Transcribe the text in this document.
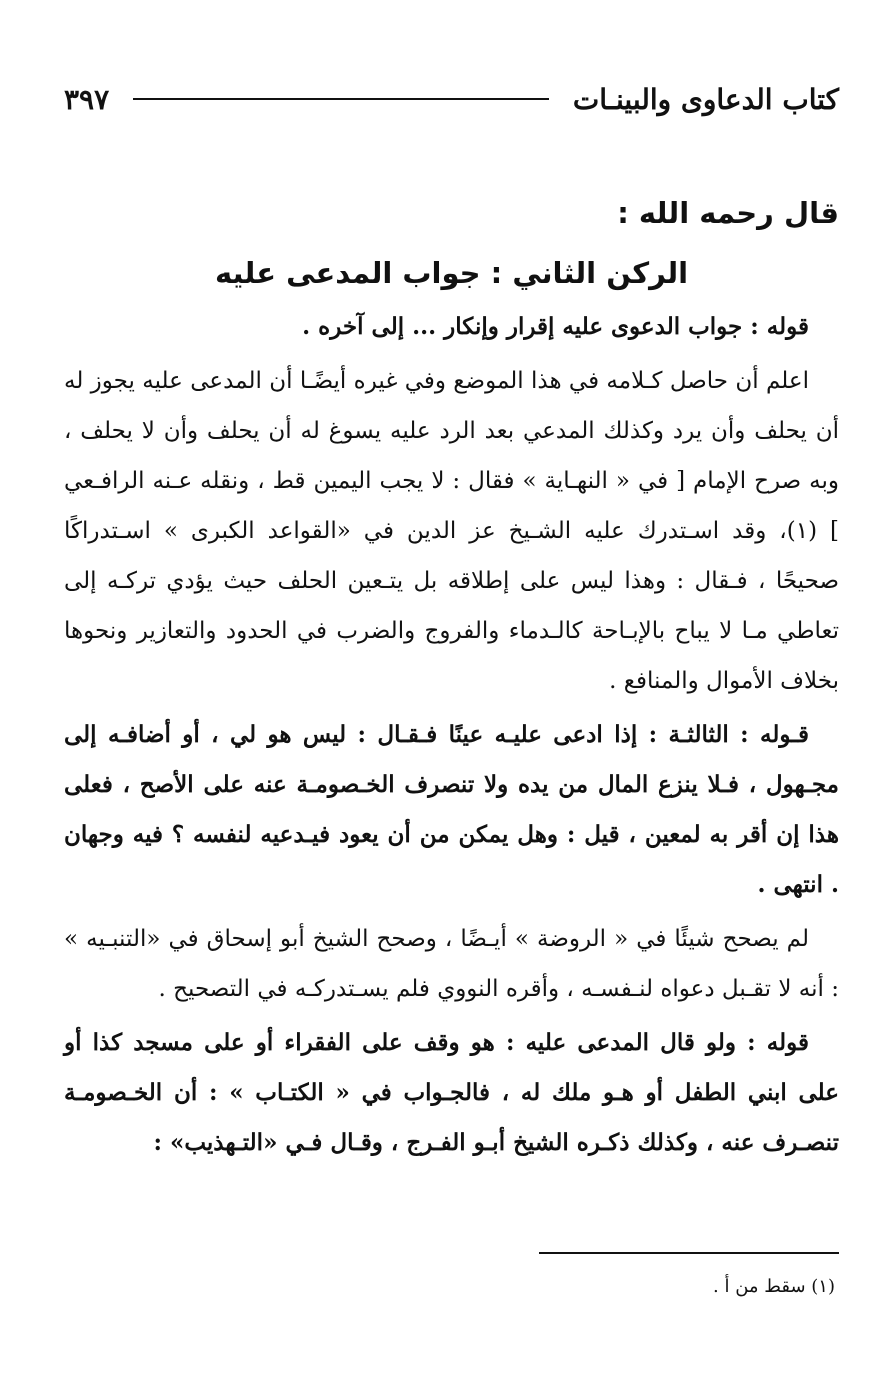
كتاب الدعاوى والبينـات
٣٩٧
قال رحمه الله :
الركن الثاني : جواب المدعى عليه

قوله : جواب الدعوى عليه إقرار وإنكار ... إلى آخره .

اعلم أن حاصل كـلامه في هذا الموضع وفي غيره أيضًـا أن المدعى عليه يجوز له أن يحلف وأن يرد وكذلك المدعي بعد الرد عليه يسوغ له أن يحلف وأن لا يحلف ، وبه صرح الإمام [ في « النهـاية » فقال : لا يجب اليمين قط ، ونقله عـنه الرافـعي ] (١)، وقد اسـتدرك عليه الشـيخ عز الدين في «القواعد الكبرى » اسـتدراكًا صحيحًا ، فـقال : وهذا ليس على إطلاقه بل يتـعين الحلف حيث يؤدي تركـه إلى تعاطي مـا لا يباح بالإبـاحة كالـدماء والفروج والضرب في الحدود والتعازير ونحوها بخلاف الأموال والمنافع .

قـوله : الثالثـة : إذا ادعى عليـه عينًا فـقـال : ليس هو لي ، أو أضافـه إلى مجـهول ، فـلا ينزع المال من يده ولا تنصرف الخـصومـة عنه على الأصح ، فعلى هذا إن أقر به لمعين ، قيل : وهل يمكن من أن يعود فيـدعيه لنفسه ؟ فيه وجهان . انتهى .

لم يصحح شيئًا في « الروضة » أيـضًا ، وصحح الشيخ أبو إسحاق في «التنبـيه » : أنه لا تقـبل دعواه لنـفسـه ، وأقره النووي فلم يسـتدركـه في التصحيح .

قوله : ولو قال المدعى عليه : هو وقف على الفقراء أو على مسجد كذا أو على ابني الطفل أو هـو ملك له ، فالجـواب في « الكتـاب » : أن الخـصومـة تنصـرف عنه ، وكذلك ذكـره الشيخ أبـو الفـرج ، وقـال فـي «التـهذيب» :

(١) سقط من أ .
